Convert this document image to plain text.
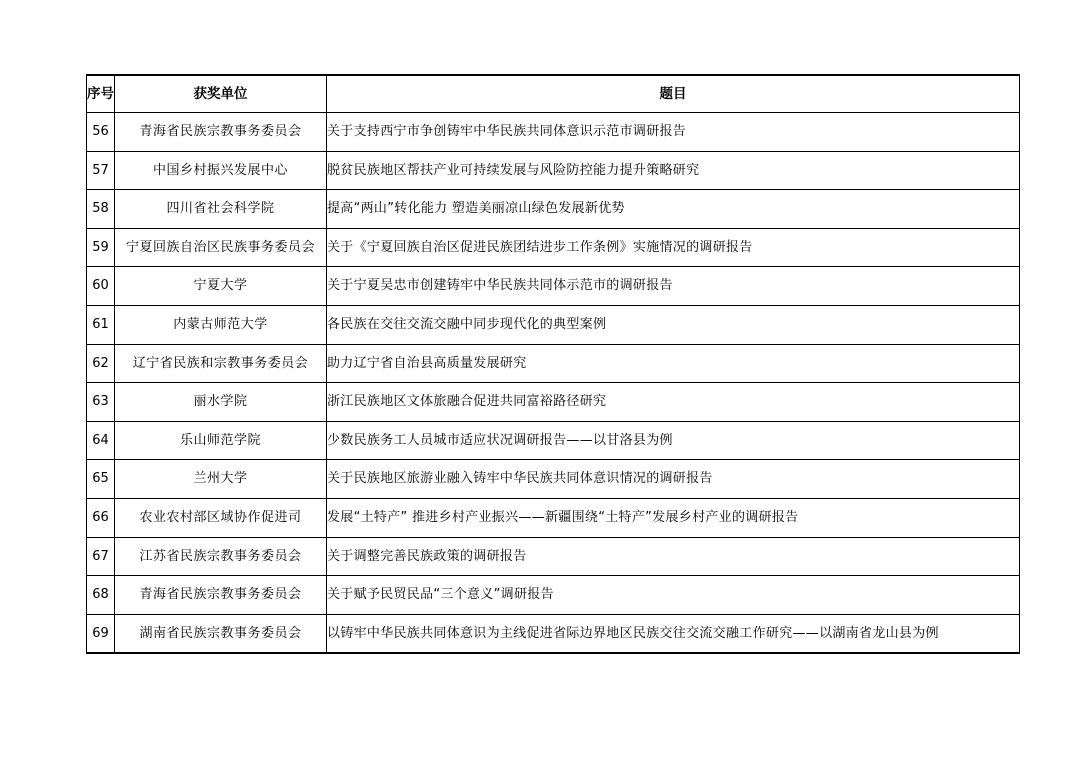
序号	获奖单位	题目
56	青海省民族宗教事务委员会	关于支持西宁市争创铸牢中华民族共同体意识示范市调研报告
57	中国乡村振兴发展中心	脱贫民族地区帮扶产业可持续发展与风险防控能力提升策略研究
58	四川省社会科学院	提高“两山”转化能力 塑造美丽凉山绿色发展新优势
59	宁夏回族自治区民族事务委员会	关于《宁夏回族自治区促进民族团结进步工作条例》实施情况的调研报告
60	宁夏大学	关于宁夏吴忠市创建铸牢中华民族共同体示范市的调研报告
61	内蒙古师范大学	各民族在交往交流交融中同步现代化的典型案例
62	辽宁省民族和宗教事务委员会	助力辽宁省自治县高质量发展研究
63	丽水学院	浙江民族地区文体旅融合促进共同富裕路径研究
64	乐山师范学院	少数民族务工人员城市适应状况调研报告——以甘洛县为例
65	兰州大学	关于民族地区旅游业融入铸牢中华民族共同体意识情况的调研报告
66	农业农村部区域协作促进司	发展“土特产” 推进乡村产业振兴——新疆围绕“土特产”发展乡村产业的调研报告
67	江苏省民族宗教事务委员会	关于调整完善民族政策的调研报告
68	青海省民族宗教事务委员会	关于赋予民贸民品“三个意义”调研报告
69	湖南省民族宗教事务委员会	以铸牢中华民族共同体意识为主线促进省际边界地区民族交往交流交融工作研究——以湖南省龙山县为例
